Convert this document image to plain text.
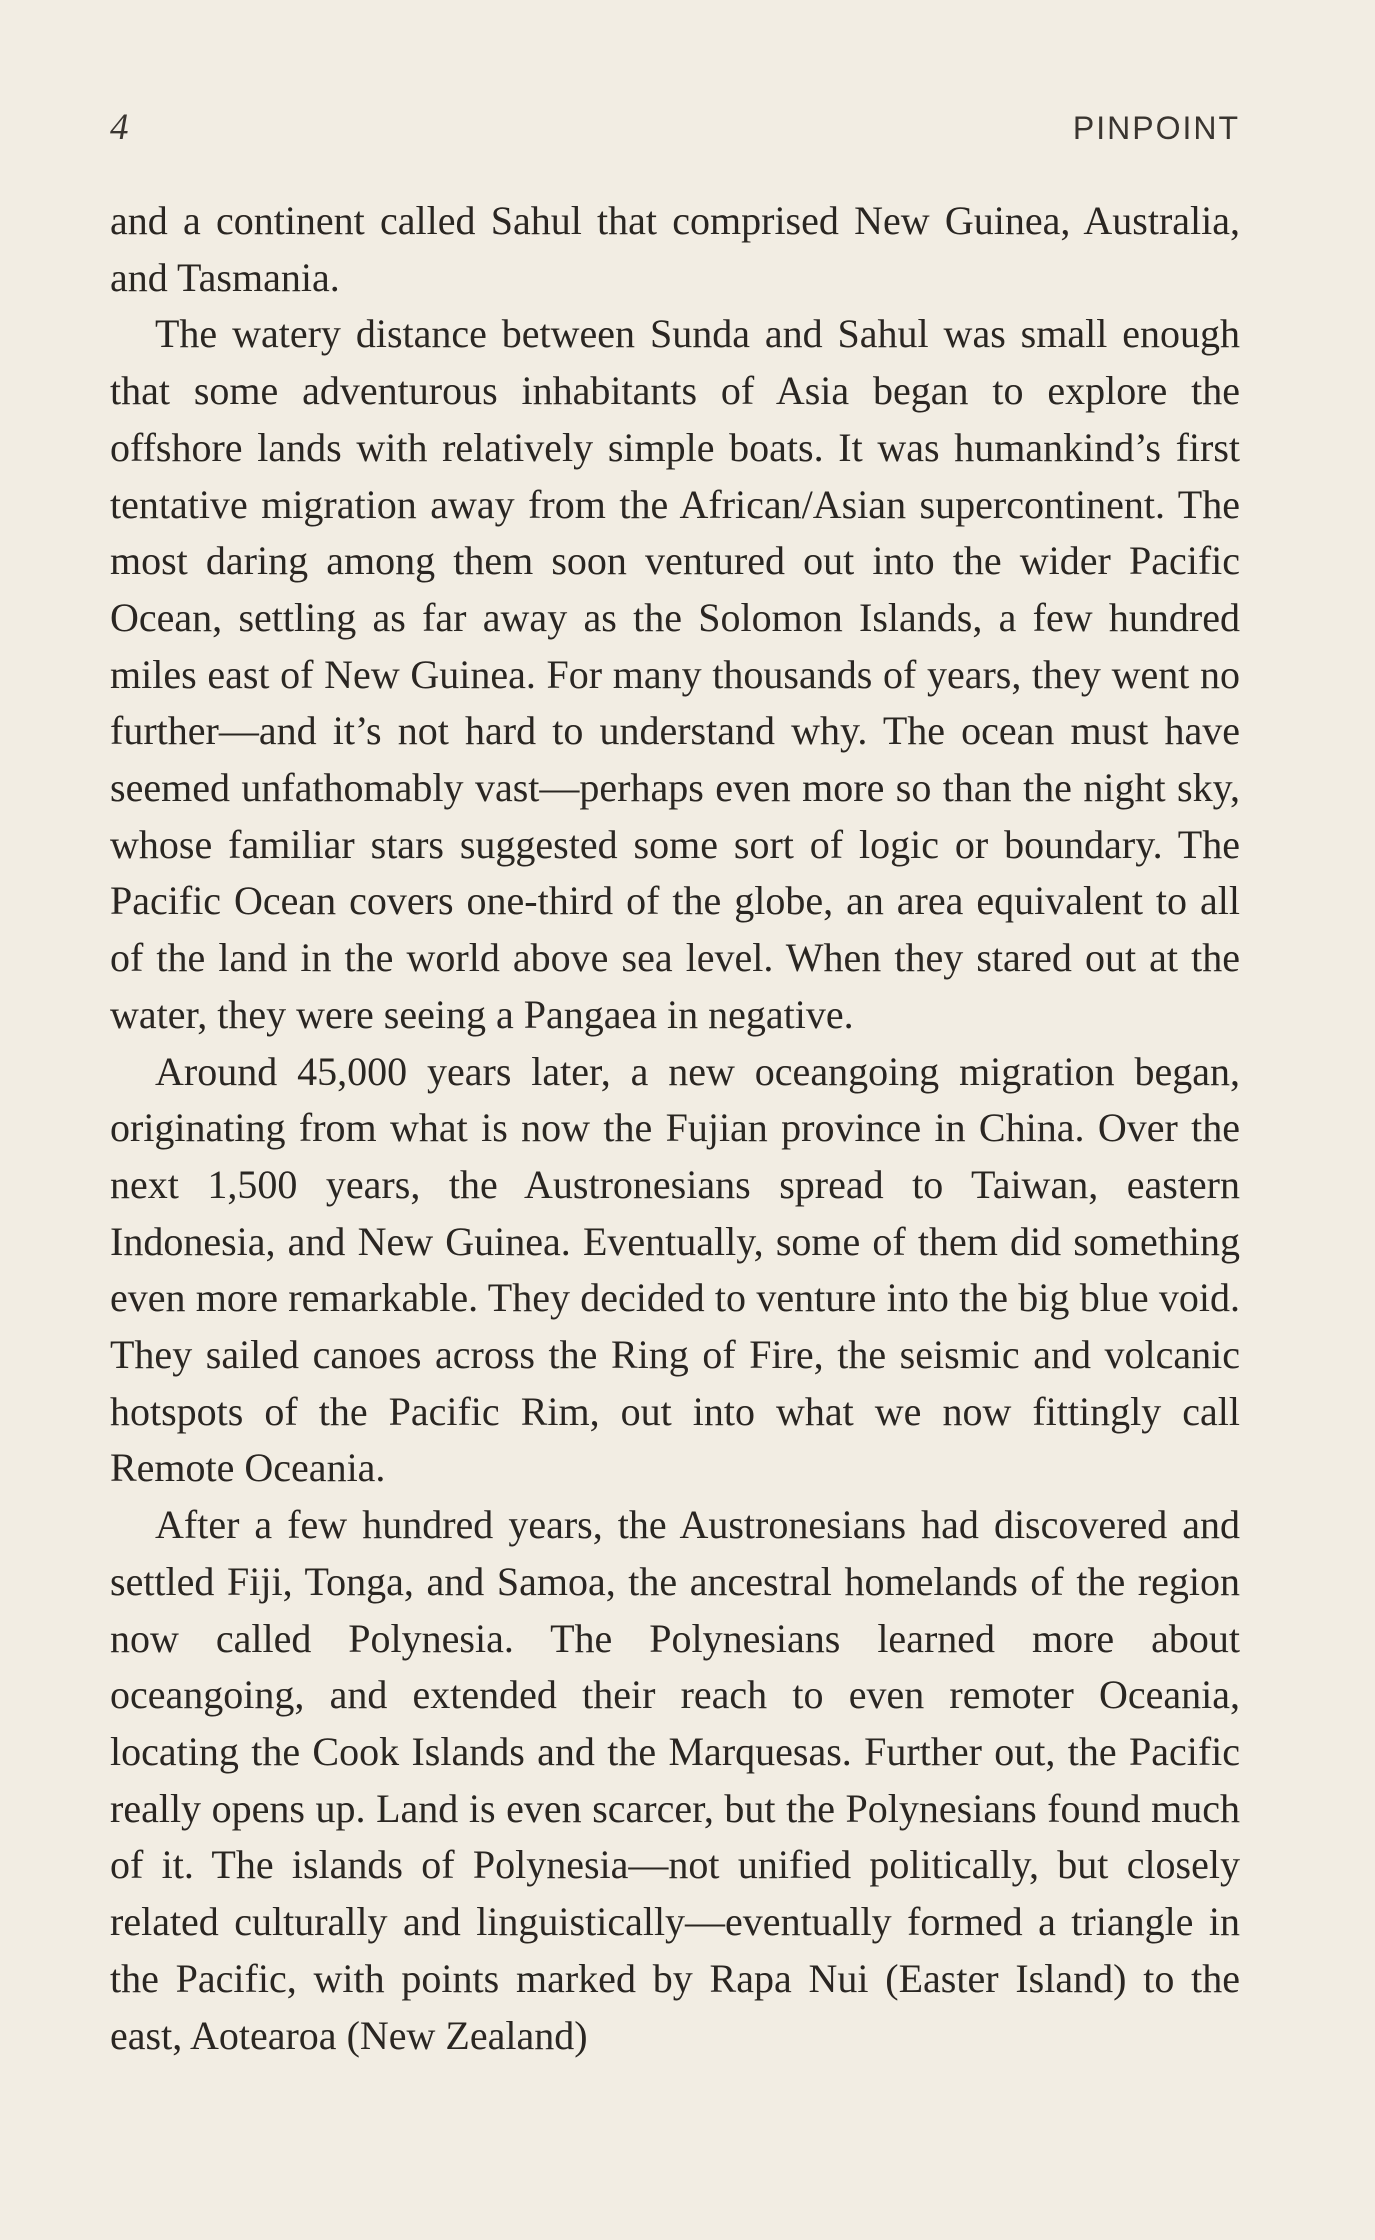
4	PINPOINT

and a continent called Sahul that comprised New Guinea, Australia, and Tasmania.

The watery distance between Sunda and Sahul was small enough that some adventurous inhabitants of Asia began to explore the offshore lands with relatively simple boats. It was humankind’s first tentative migration away from the African/​Asian supercontinent. The most daring among them soon ventured out into the wider Pacific Ocean, settling as far away as the Solomon Islands, a few hundred miles east of New Guinea. For many thousands of years, they went no further—and it’s not hard to understand why. The ocean must have seemed unfathomably vast—perhaps even more so than the night sky, whose familiar stars suggested some sort of logic or boundary. The Pacific Ocean covers one-third of the globe, an area equivalent to all of the land in the world above sea level. When they stared out at the water, they were seeing a Pangaea in negative.

Around 45,000 years later, a new oceangoing migration began, originating from what is now the Fujian province in China. Over the next 1,500 years, the Austronesians spread to Taiwan, eastern Indonesia, and New Guinea. Eventually, some of them did something even more remarkable. They decided to venture into the big blue void. They sailed canoes across the Ring of Fire, the seismic and volcanic hotspots of the Pacific Rim, out into what we now fittingly call Remote Oceania.

After a few hundred years, the Austronesians had discovered and settled Fiji, Tonga, and Samoa, the ancestral homelands of the region now called Polynesia. The Polynesians learned more about oceangoing, and extended their reach to even remoter Oceania, locating the Cook Islands and the Marquesas. Further out, the Pacific really opens up. Land is even scarcer, but the Polynesians found much of it. The islands of Polynesia—not unified politically, but closely related culturally and linguistically—​eventually formed a triangle in the Pacific, with points marked by Rapa Nui (Easter Island) to the east, Aotearoa (New Zealand)
